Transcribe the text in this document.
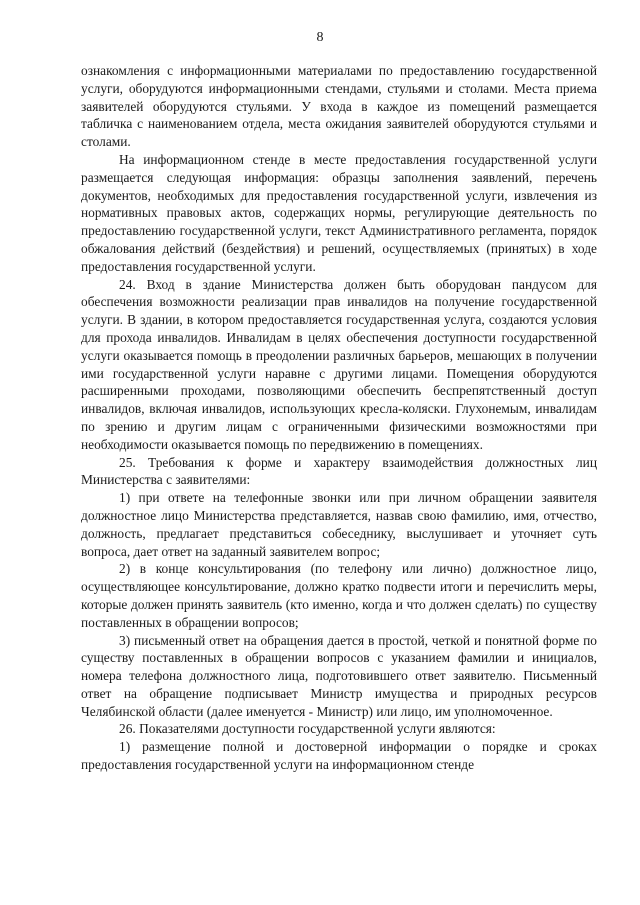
8

ознакомления с информационными материалами по предоставлению государственной услуги, оборудуются информационными стендами, стульями и столами. Места приема заявителей оборудуются стульями. У входа в каждое из помещений размещается табличка с наименованием отдела, места ожидания заявителей оборудуются стульями и столами.

На информационном стенде в месте предоставления государственной услуги размещается следующая информация: образцы заполнения заявлений, перечень документов, необходимых для предоставления государственной услуги, извлечения из нормативных правовых актов, содержащих нормы, регулирующие деятельность по предоставлению государственной услуги, текст Административного регламента, порядок обжалования действий (бездействия) и решений, осуществляемых (принятых) в ходе предоставления государственной услуги.

24. Вход в здание Министерства должен быть оборудован пандусом для обеспечения возможности реализации прав инвалидов на получение государственной услуги. В здании, в котором предоставляется государственная услуга, создаются условия для прохода инвалидов. Инвалидам в целях обеспечения доступности государственной услуги оказывается помощь в преодолении различных барьеров, мешающих в получении ими государственной услуги наравне с другими лицами. Помещения оборудуются расширенными проходами, позволяющими обеспечить беспрепятственный доступ инвалидов, включая инвалидов, использующих кресла-коляски. Глухонемым, инвалидам по зрению и другим лицам с ограниченными физическими возможностями при необходимости оказывается помощь по передвижению в помещениях.

25. Требования к форме и характеру взаимодействия должностных лиц Министерства с заявителями:

1) при ответе на телефонные звонки или при личном обращении заявителя должностное лицо Министерства представляется, назвав свою фамилию, имя, отчество, должность, предлагает представиться собеседнику, выслушивает и уточняет суть вопроса, дает ответ на заданный заявителем вопрос;

2) в конце консультирования (по телефону или лично) должностное лицо, осуществляющее консультирование, должно кратко подвести итоги и перечислить меры, которые должен принять заявитель (кто именно, когда и что должен сделать) по существу поставленных в обращении вопросов;

3) письменный ответ на обращения дается в простой, четкой и понятной форме по существу поставленных в обращении вопросов с указанием фамилии и инициалов, номера телефона должностного лица, подготовившего ответ заявителю. Письменный ответ на обращение подписывает Министр имущества и природных ресурсов Челябинской области (далее именуется - Министр) или лицо, им уполномоченное.

26. Показателями доступности государственной услуги являются:

1) размещение полной и достоверной информации о порядке и сроках предоставления государственной услуги на информационном стенде
